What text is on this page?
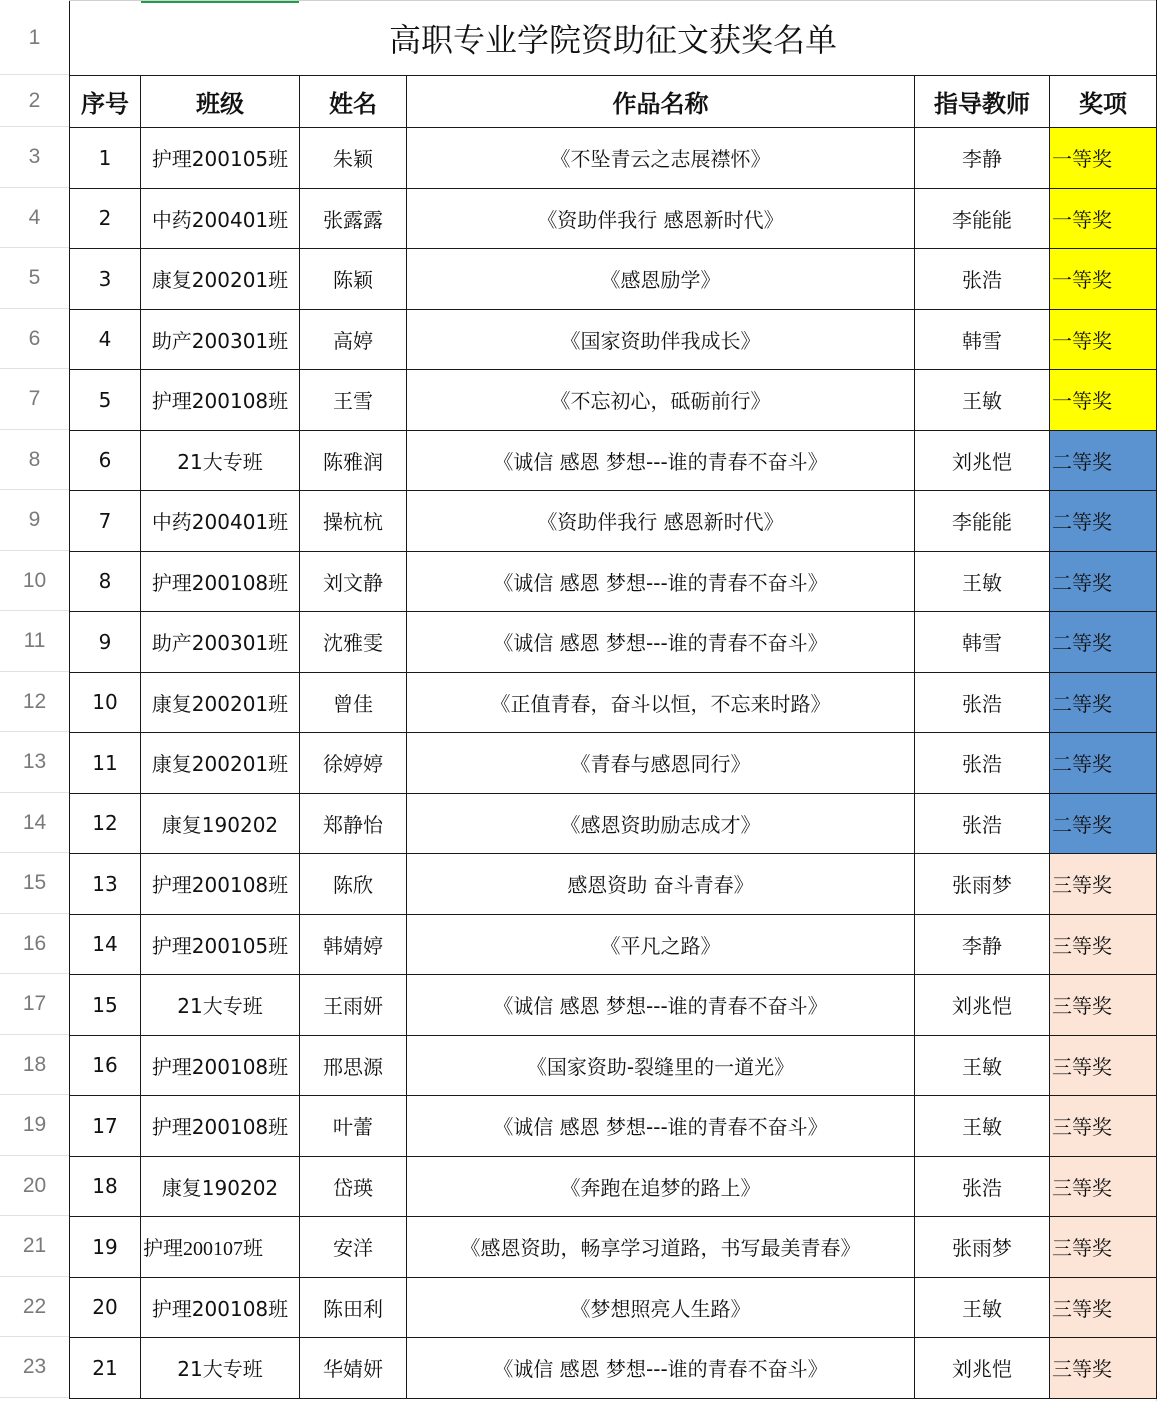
1
2
3
4
5
6
7
8
9
10
11
12
13
14
15
16
17
18
19
20
21
22
23
高职专业学院资助征文获奖名单					
序号	班级	姓名	作品名称	指导教师	奖项
1	护理200105班	朱颖	《不坠青云之志展襟怀》	李静	一等奖
2	中药200401班	张露露	《资助伴我行 感恩新时代》	李能能	一等奖
3	康复200201班	陈颖	《感恩励学》	张浩	一等奖
4	助产200301班	高婷	《国家资助伴我成长》	韩雪	一等奖
5	护理200108班	王雪	《不忘初心，砥砺前行》	王敏	一等奖
6	21大专班	陈雅润	《诚信 感恩 梦想---谁的青春不奋斗》	刘兆恺	二等奖
7	中药200401班	操杭杭	《资助伴我行 感恩新时代》	李能能	二等奖
8	护理200108班	刘文静	《诚信 感恩 梦想---谁的青春不奋斗》	王敏	二等奖
9	助产200301班	沈雅雯	《诚信 感恩 梦想---谁的青春不奋斗》	韩雪	二等奖
10	康复200201班	曾佳	《正值青春，奋斗以恒，不忘来时路》	张浩	二等奖
11	康复200201班	徐婷婷	《青春与感恩同行》	张浩	二等奖
12	康复190202	郑静怡	《感恩资助励志成才》	张浩	二等奖
13	护理200108班	陈欣	感恩资助 奋斗青春》	张雨梦	三等奖
14	护理200105班	韩婧婷	《平凡之路》	李静	三等奖
15	21大专班	王雨妍	《诚信 感恩 梦想---谁的青春不奋斗》	刘兆恺	三等奖
16	护理200108班	邢思源	《国家资助-裂缝里的一道光》	王敏	三等奖
17	护理200108班	叶蕾	《诚信 感恩 梦想---谁的青春不奋斗》	王敏	三等奖
18	康复190202	岱瑛	《奔跑在追梦的路上》	张浩	三等奖
19	护理200107班	安洋	《感恩资助，畅享学习道路，书写最美青春》	张雨梦	三等奖
20	护理200108班	陈田利	《梦想照亮人生路》	王敏	三等奖
21	21大专班	华婧妍	《诚信 感恩 梦想---谁的青春不奋斗》	刘兆恺	三等奖
